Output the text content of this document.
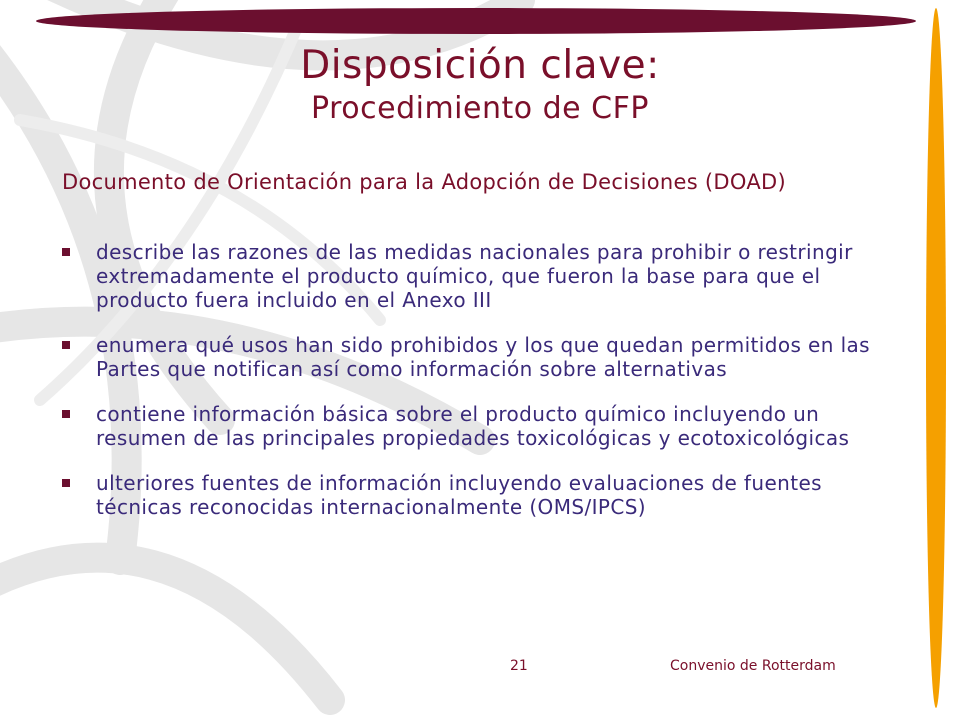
Disposición clave:
Procedimiento de CFP
Documento de Orientación para la Adopción de Decisiones (DOAD)
describe las razones de las medidas nacionales para prohibir o restringir extremadamente el producto químico, que fueron la base para que el producto fuera incluido en el Anexo III
enumera qué usos han sido prohibidos y los que quedan permitidos en las Partes que notifican así como información sobre alternativas
contiene información básica sobre el producto químico incluyendo un resumen de las principales propiedades toxicológicas y ecotoxicológicas
ulteriores fuentes de información incluyendo evaluaciones de fuentes técnicas reconocidas internacionalmente (OMS/IPCS)
21	Convenio de Rotterdam
